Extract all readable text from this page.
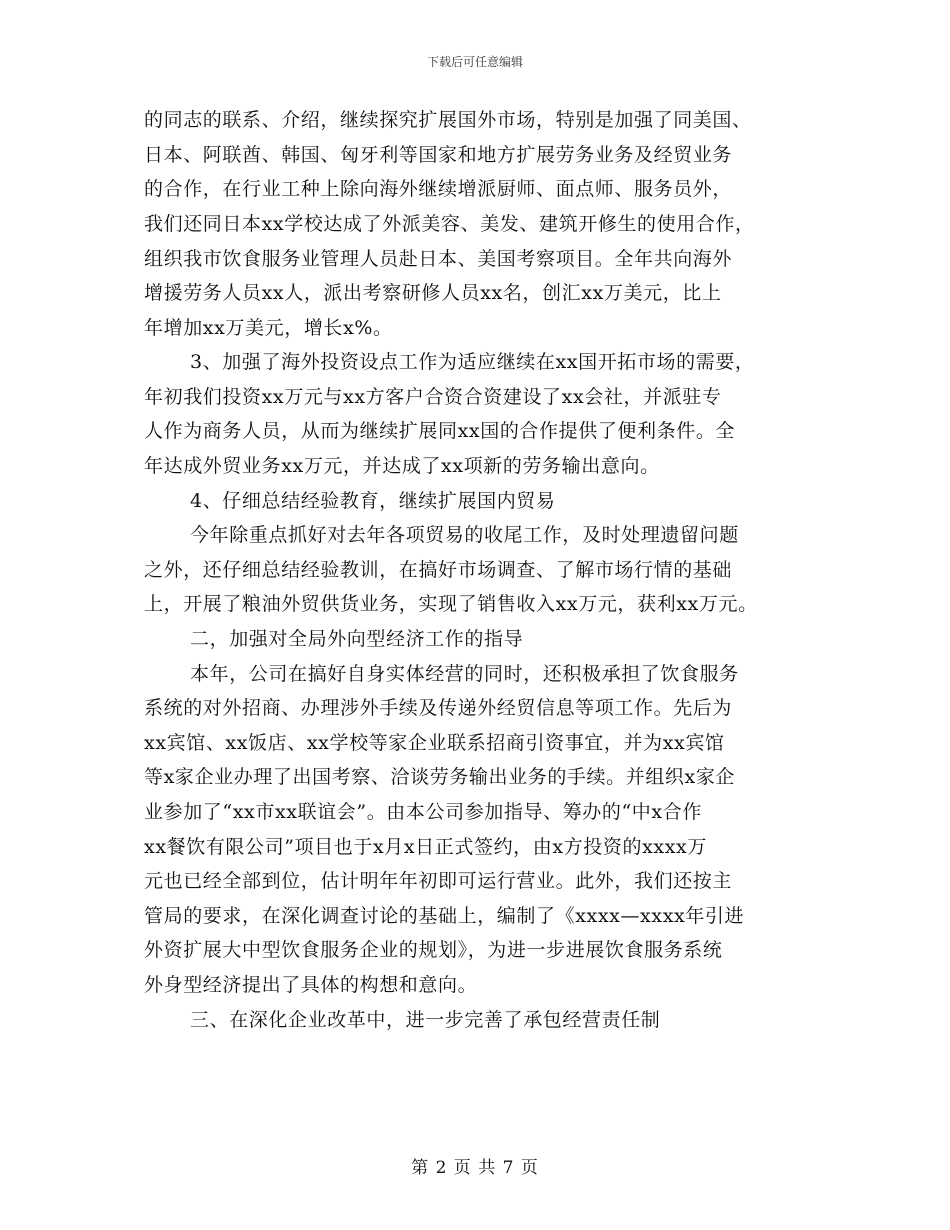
下载后可任意编辑
的同志的联系、介绍，继续探究扩展国外市场，特别是加强了同美国、
日本、阿联酋、韩国、匈牙利等国家和地方扩展劳务业务及经贸业务
的合作，在行业工种上除向海外继续增派厨师、面点师、服务员外，
我们还同日本xx学校达成了外派美容、美发、建筑开修生的使用合作，
组织我市饮食服务业管理人员赴日本、美国考察项目。全年共向海外
增援劳务人员xx人，派出考察研修人员xx名，创汇xx万美元，比上
年增加xx万美元，增长x%。
3、加强了海外投资设点工作为适应继续在xx国开拓市场的需要，
年初我们投资xx万元与xx方客户合资合资建设了xx会社，并派驻专
人作为商务人员，从而为继续扩展同xx国的合作提供了便利条件。全
年达成外贸业务xx万元，并达成了xx项新的劳务输出意向。
4、仔细总结经验教育，继续扩展国内贸易
今年除重点抓好对去年各项贸易的收尾工作，及时处理遗留问题
之外，还仔细总结经验教训，在搞好市场调查、了解市场行情的基础
上，开展了粮油外贸供货业务，实现了销售收入xx万元，获利xx万元。
二，加强对全局外向型经济工作的指导
本年，公司在搞好自身实体经营的同时，还积极承担了饮食服务
系统的对外招商、办理涉外手续及传递外经贸信息等项工作。先后为
xx宾馆、xx饭店、xx学校等家企业联系招商引资事宜，并为xx宾馆
等x家企业办理了出国考察、洽谈劳务输出业务的手续。并组织x家企
业参加了“xx市xx联谊会”。由本公司参加指导、筹办的“中x合作
xx餐饮有限公司”项目也于x月x日正式签约，由x方投资的xxxx万
元也已经全部到位，估计明年年初即可运行营业。此外，我们还按主
管局的要求，在深化调查讨论的基础上，编制了《xxxx—xxxx年引进
外资扩展大中型饮食服务企业的规划》，为进一步进展饮食服务系统
外身型经济提出了具体的构想和意向。
三、在深化企业改革中，进一步完善了承包经营责任制
第 2 页 共 7 页
